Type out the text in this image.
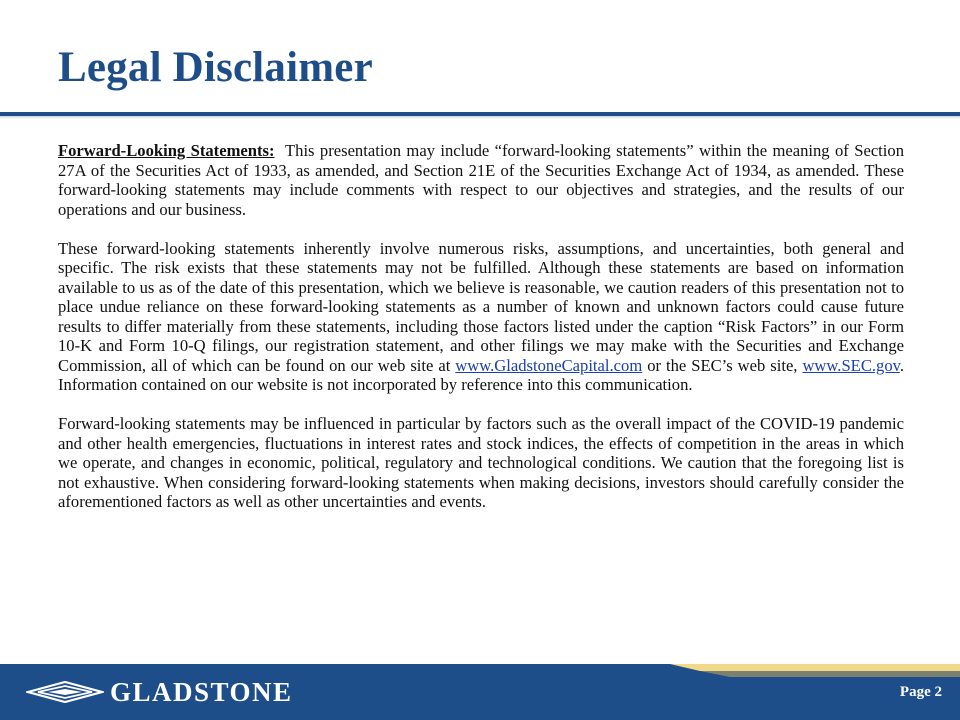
Legal Disclaimer

Forward-Looking Statements: This presentation may include “forward-looking statements” within the meaning of Section 27A of the Securities Act of 1933, as amended, and Section 21E of the Securities Exchange Act of 1934, as amended. These forward-looking statements may include comments with respect to our objectives and strategies, and the results of our operations and our business.

These forward-looking statements inherently involve numerous risks, assumptions, and uncertainties, both general and specific. The risk exists that these statements may not be fulfilled. Although these statements are based on information available to us as of the date of this presentation, which we believe is reasonable, we caution readers of this presentation not to place undue reliance on these forward-looking statements as a number of known and unknown factors could cause future results to differ materially from these statements, including those factors listed under the caption “Risk Factors” in our Form 10-K and Form 10-Q filings, our registration statement, and other filings we may make with the Securities and Exchange Commission, all of which can be found on our web site at www.GladstoneCapital.com or the SEC’s web site, www.SEC.gov. Information contained on our website is not incorporated by reference into this communication.

Forward-looking statements may be influenced in particular by factors such as the overall impact of the COVID-19 pandemic and other health emergencies, fluctuations in interest rates and stock indices, the effects of competition in the areas in which we operate, and changes in economic, political, regulatory and technological conditions. We caution that the foregoing list is not exhaustive. When considering forward-looking statements when making decisions, investors should carefully consider the aforementioned factors as well as other uncertainties and events.

GLADSTONE	Page 2
